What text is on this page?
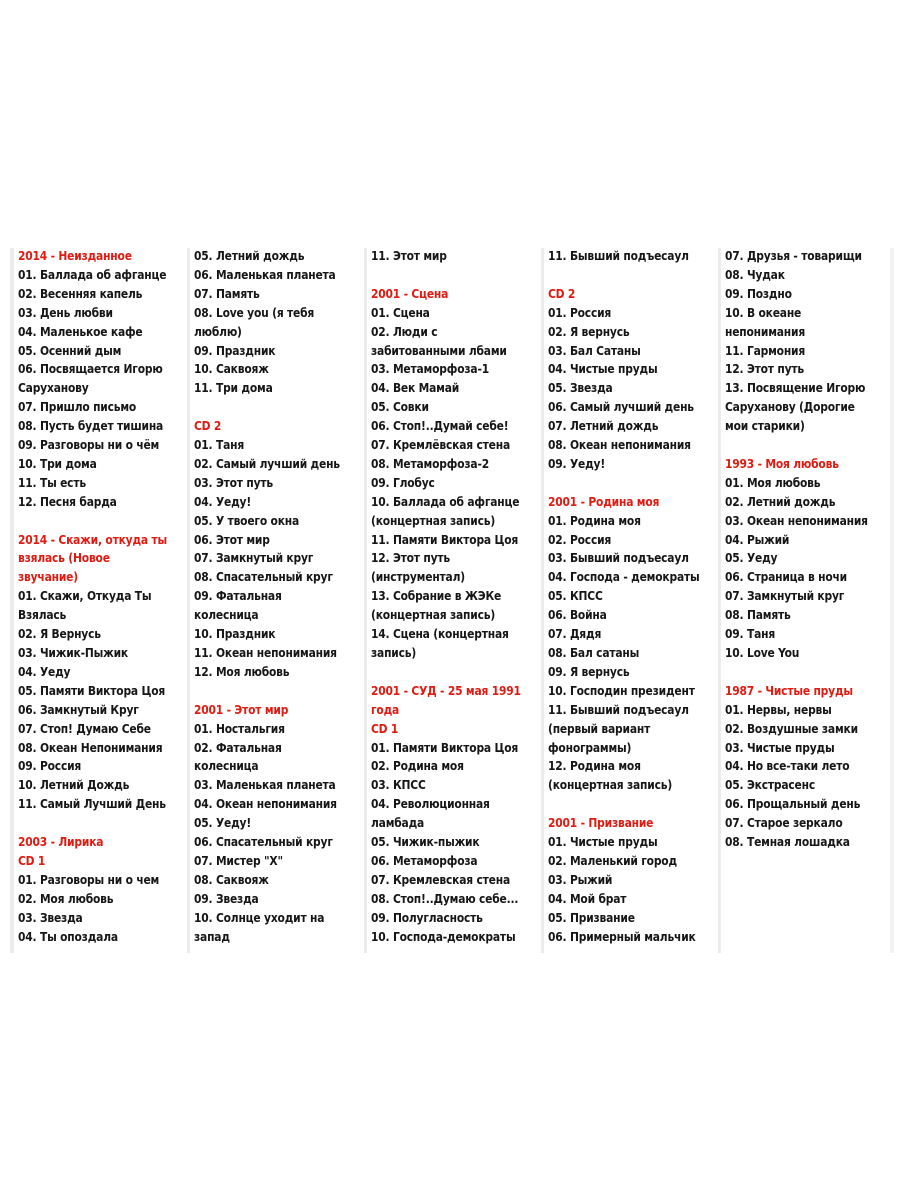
2014 - Неизданное
01. Баллада об афганце
02. Весенняя капель
03. День любви
04. Маленькое кафе
05. Осенний дым
06. Посвящается Игорю
Саруханову
07. Пришло письмо
08. Пусть будет тишина
09. Разговоры ни о чём
10. Три дома
11. Ты есть
12. Песня барда
2014 - Скажи, откуда ты
взялась (Новое
звучание)
01. Скажи, Откуда Ты
Взялась
02. Я Вернусь
03. Чижик-Пыжик
04. Уеду
05. Памяти Виктора Цоя
06. Замкнутый Круг
07. Стоп! Думаю Себе
08. Океан Непонимания
09. Россия
10. Летний Дождь
11. Самый Лучший День
2003 - Лирика
CD 1
01. Разговоры ни о чем
02. Моя любовь
03. Звезда
04. Ты опоздала
05. Летний дождь
06. Маленькая планета
07. Память
08. Love you (я тебя
люблю)
09. Праздник
10. Саквояж
11. Три дома
CD 2
01. Таня
02. Самый лучший день
03. Этот путь
04. Уеду!
05. У твоего окна
06. Этот мир
07. Замкнутый круг
08. Спасательный круг
09. Фатальная
колесница
10. Праздник
11. Океан непонимания
12. Моя любовь
2001 - Этот мир
01. Ностальгия
02. Фатальная
колесница
03. Маленькая планета
04. Океан непонимания
05. Уеду!
06. Спасательный круг
07. Мистер "Х"
08. Саквояж
09. Звезда
10. Солнце уходит на
запад
11. Этот мир
2001 - Сцена
01. Сцена
02. Люди с
забитованными лбами
03. Метаморфоза-1
04. Век Мамай
05. Совки
06. Стоп!..Думай себе!
07. Кремлёвская стена
08. Метаморфоза-2
09. Глобус
10. Баллада об афганце
(концертная запись)
11. Памяти Виктора Цоя
12. Этот путь
(инструментал)
13. Собрание в ЖЭКе
(концертная запись)
14. Сцена (концертная
запись)
2001 - СУД - 25 мая 1991
года
CD 1
01. Памяти Виктора Цоя
02. Родина моя
03. КПСС
04. Революционная
ламбада
05. Чижик-пыжик
06. Метаморфоза
07. Кремлевская стена
08. Стоп!..Думаю себе...
09. Полугласность
10. Господа-демократы
11. Бывший подъесаул
CD 2
01. Россия
02. Я вернусь
03. Бал Сатаны
04. Чистые пруды
05. Звезда
06. Самый лучший день
07. Летний дождь
08. Океан непонимания
09. Уеду!
2001 - Родина моя
01. Родина моя
02. Россия
03. Бывший подъесаул
04. Господа - демократы
05. КПСС
06. Война
07. Дядя
08. Бал сатаны
09. Я вернусь
10. Господин президент
11. Бывший подъесаул
(первый вариант
фонограммы)
12. Родина моя
(концертная запись)
2001 - Призвание
01. Чистые пруды
02. Маленький город
03. Рыжий
04. Мой брат
05. Призвание
06. Примерный мальчик
07. Друзья - товарищи
08. Чудак
09. Поздно
10. В океане
непонимания
11. Гармония
12. Этот путь
13. Посвящение Игорю
Саруханову (Дорогие
мои старики)
1993 - Моя любовь
01. Моя любовь
02. Летний дождь
03. Океан непонимания
04. Рыжий
05. Уеду
06. Страница в ночи
07. Замкнутый круг
08. Память
09. Таня
10. Love You
1987 - Чистые пруды
01. Нервы, нервы
02. Воздушные замки
03. Чистые пруды
04. Но все-таки лето
05. Экстрасенс
06. Прощальный день
07. Старое зеркало
08. Темная лошадка
